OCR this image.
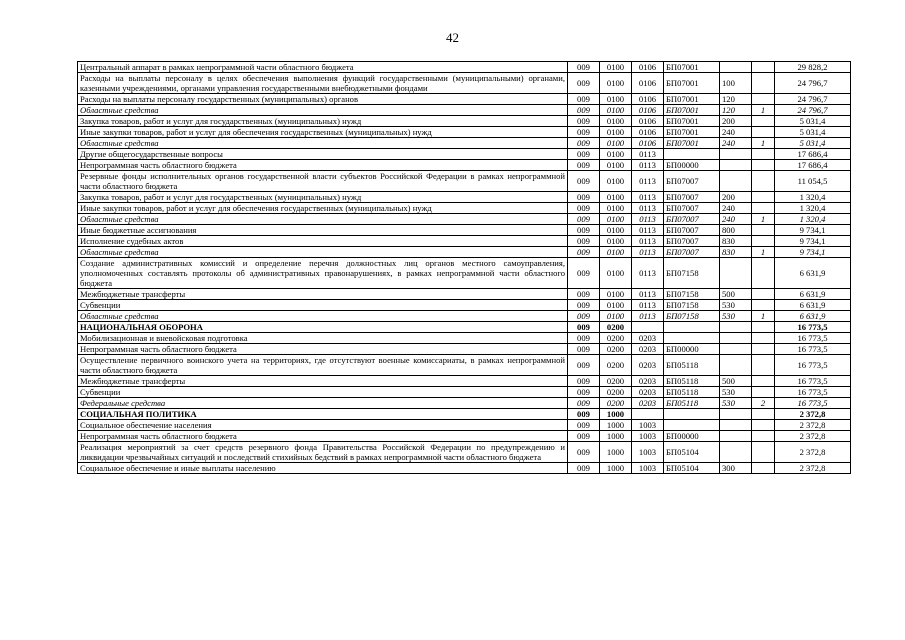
42
Центральный аппарат в рамках непрограммной части областного бюджета	009	0100	0106	БП07001			29 828,2
Расходы на выплаты персоналу в целях обеспечения выполнения функций государственными (муниципальными) органами, казенными учреждениями, органами управления государственными внебюджетными фондами	009	0100	0106	БП07001	100		24 796,7
Расходы на выплаты персоналу государственных (муниципальных) органов	009	0100	0106	БП07001	120		24 796,7
Областные средства	009	0100	0106	БП07001	120	1	24 796,7
Закупка товаров, работ и услуг для государственных (муниципальных) нужд	009	0100	0106	БП07001	200		5 031,4
Иные закупки товаров, работ и услуг для обеспечения государственных (муниципальных) нужд	009	0100	0106	БП07001	240		5 031,4
Областные средства	009	0100	0106	БП07001	240	1	5 031,4
Другие общегосударственные вопросы	009	0100	0113				17 686,4
Непрограммная часть областного бюджета	009	0100	0113	БП00000			17 686,4
Резервные фонды исполнительных органов государственной власти субъектов Российской Федерации в рамках непрограммной части областного бюджета	009	0100	0113	БП07007			11 054,5
Закупка товаров, работ и услуг для государственных (муниципальных) нужд	009	0100	0113	БП07007	200		1 320,4
Иные закупки товаров, работ и услуг для обеспечения государственных (муниципальных) нужд	009	0100	0113	БП07007	240		1 320,4
Областные средства	009	0100	0113	БП07007	240	1	1 320,4
Иные бюджетные ассигнования	009	0100	0113	БП07007	800		9 734,1
Исполнение судебных актов	009	0100	0113	БП07007	830		9 734,1
Областные средства	009	0100	0113	БП07007	830	1	9 734,1
Создание административных комиссий и определение перечня должностных лиц органов местного самоуправления, уполномоченных составлять протоколы об административных правонарушениях, в рамках непрограммной части областного бюджета	009	0100	0113	БП07158			6 631,9
Межбюджетные трансферты	009	0100	0113	БП07158	500		6 631,9
Субвенции	009	0100	0113	БП07158	530		6 631,9
Областные средства	009	0100	0113	БП07158	530	1	6 631,9
НАЦИОНАЛЬНАЯ ОБОРОНА	009	0200					16 773,5
Мобилизационная и вневойсковая подготовка	009	0200	0203				16 773,5
Непрограммная часть областного бюджета	009	0200	0203	БП00000			16 773,5
Осуществление первичного воинского учета на территориях, где отсутствуют военные комиссариаты, в рамках непрограммной части областного бюджета	009	0200	0203	БП05118			16 773,5
Межбюджетные трансферты	009	0200	0203	БП05118	500		16 773,5
Субвенции	009	0200	0203	БП05118	530		16 773,5
Федеральные средства	009	0200	0203	БП05118	530	2	16 773,5
СОЦИАЛЬНАЯ ПОЛИТИКА	009	1000					2 372,8
Социальное обеспечение населения	009	1000	1003				2 372,8
Непрограммная часть областного бюджета	009	1000	1003	БП00000			2 372,8
Реализация мероприятий за счет средств резервного фонда Правительства Российской Федерации по предупреждению и ликвидации чрезвычайных ситуаций и последствий стихийных бедствий в рамках непрограммной части областного бюджета	009	1000	1003	БП05104			2 372,8
Социальное обеспечение и иные выплаты населению	009	1000	1003	БП05104	300		2 372,8
